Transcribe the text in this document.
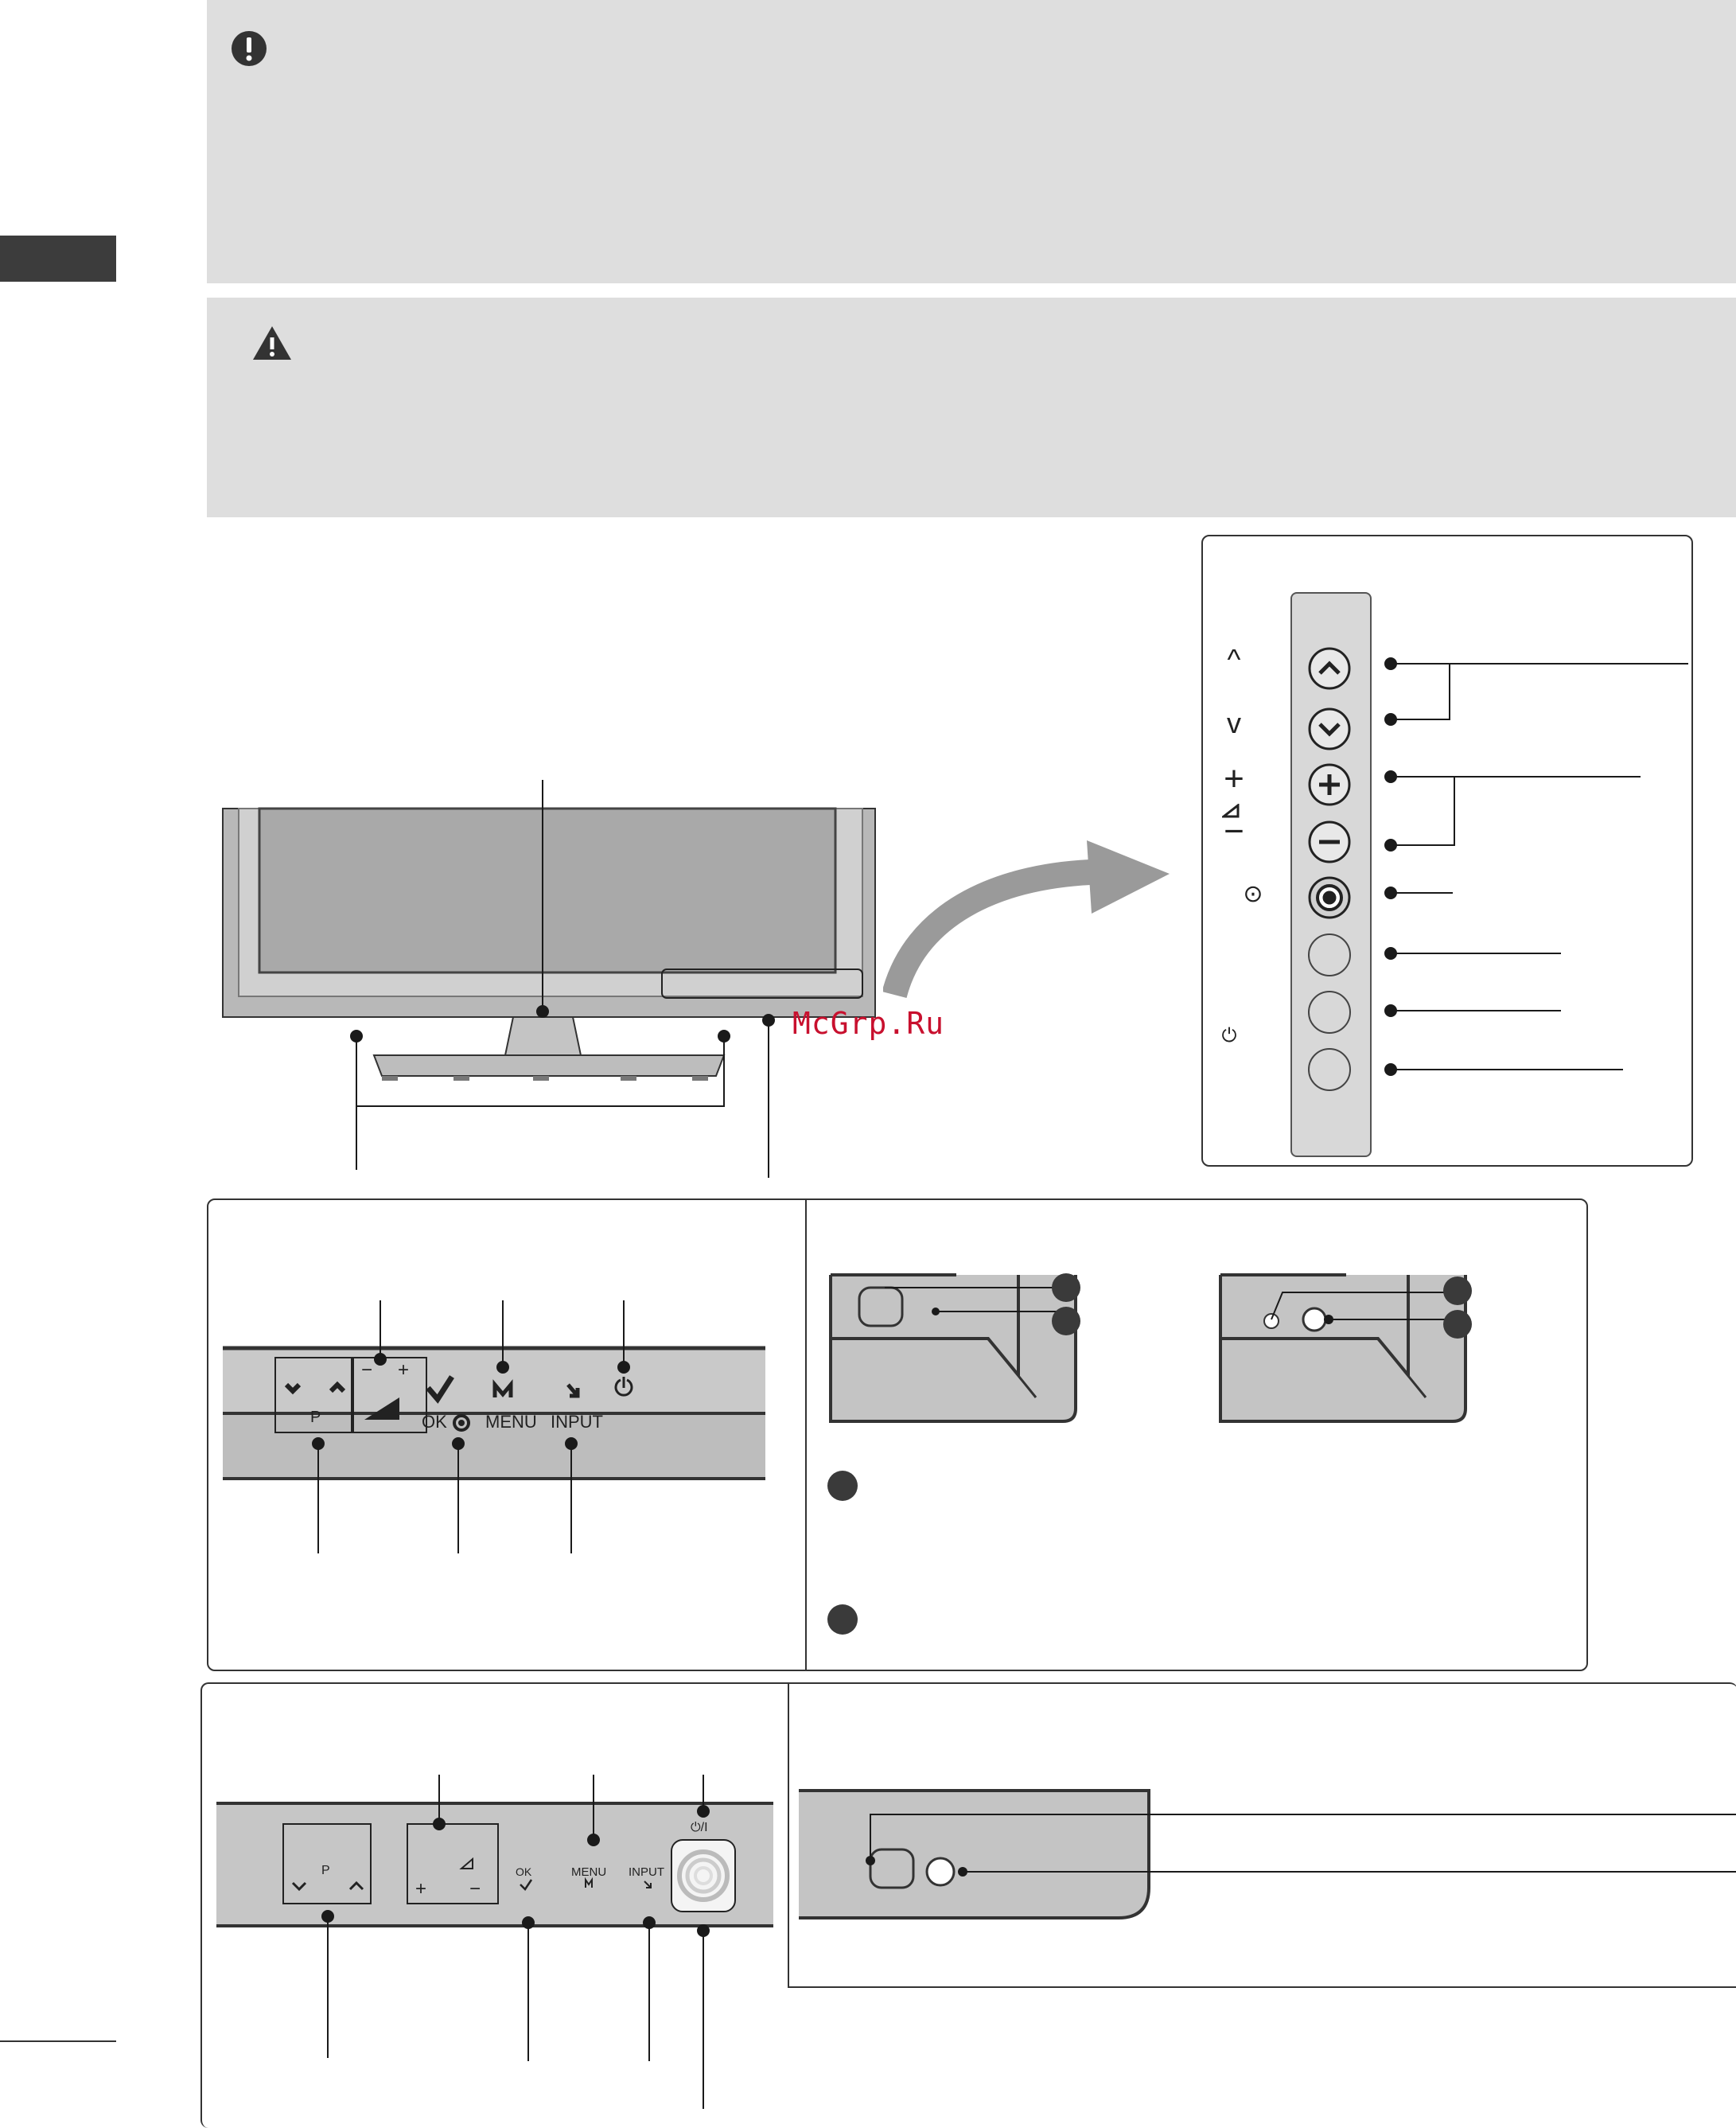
McGrp.Ru
^
v
+
−
⊙
⏻
P
− +
OK MENU INPUT
P
+ −
OK	MENU INPUT
⏻/I
